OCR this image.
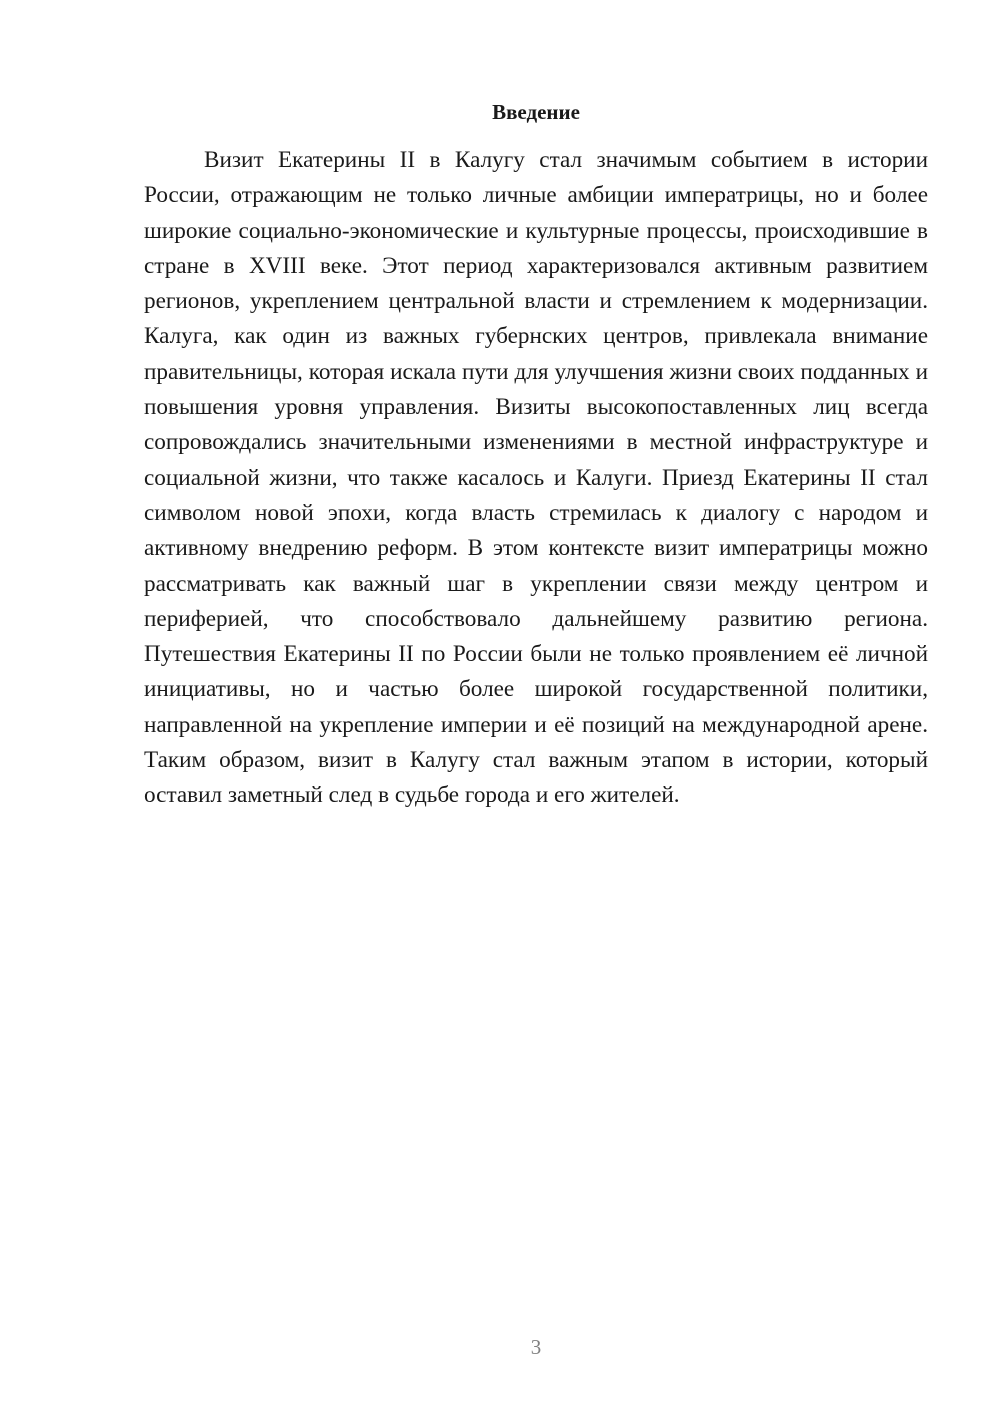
Введение

Визит Екатерины II в Калугу стал значимым событием в истории России, отражающим не только личные амбиции императрицы, но и более широкие социально-экономические и культурные процессы, происходившие в стране в XVIII веке. Этот период характеризовался активным развитием регионов, укреплением центральной власти и стремлением к модернизации. Калуга, как один из важных губернских центров, привлекала внимание правительницы, которая искала пути для улучшения жизни своих подданных и повышения уровня управления. Визиты высокопоставленных лиц всегда сопровождались значительными изменениями в местной инфраструктуре и социальной жизни, что также касалось и Калуги. Приезд Екатерины II стал символом новой эпохи, когда власть стремилась к диалогу с народом и активному внедрению реформ. В этом контексте визит императрицы можно рассматривать как важный шаг в укреплении связи между центром и периферией, что способствовало дальнейшему развитию региона. Путешествия Екатерины II по России были не только проявлением её личной инициативы, но и частью более широкой государственной политики, направленной на укрепление империи и её позиций на международной арене. Таким образом, визит в Калугу стал важным этапом в истории, который оставил заметный след в судьбе города и его жителей.

3
